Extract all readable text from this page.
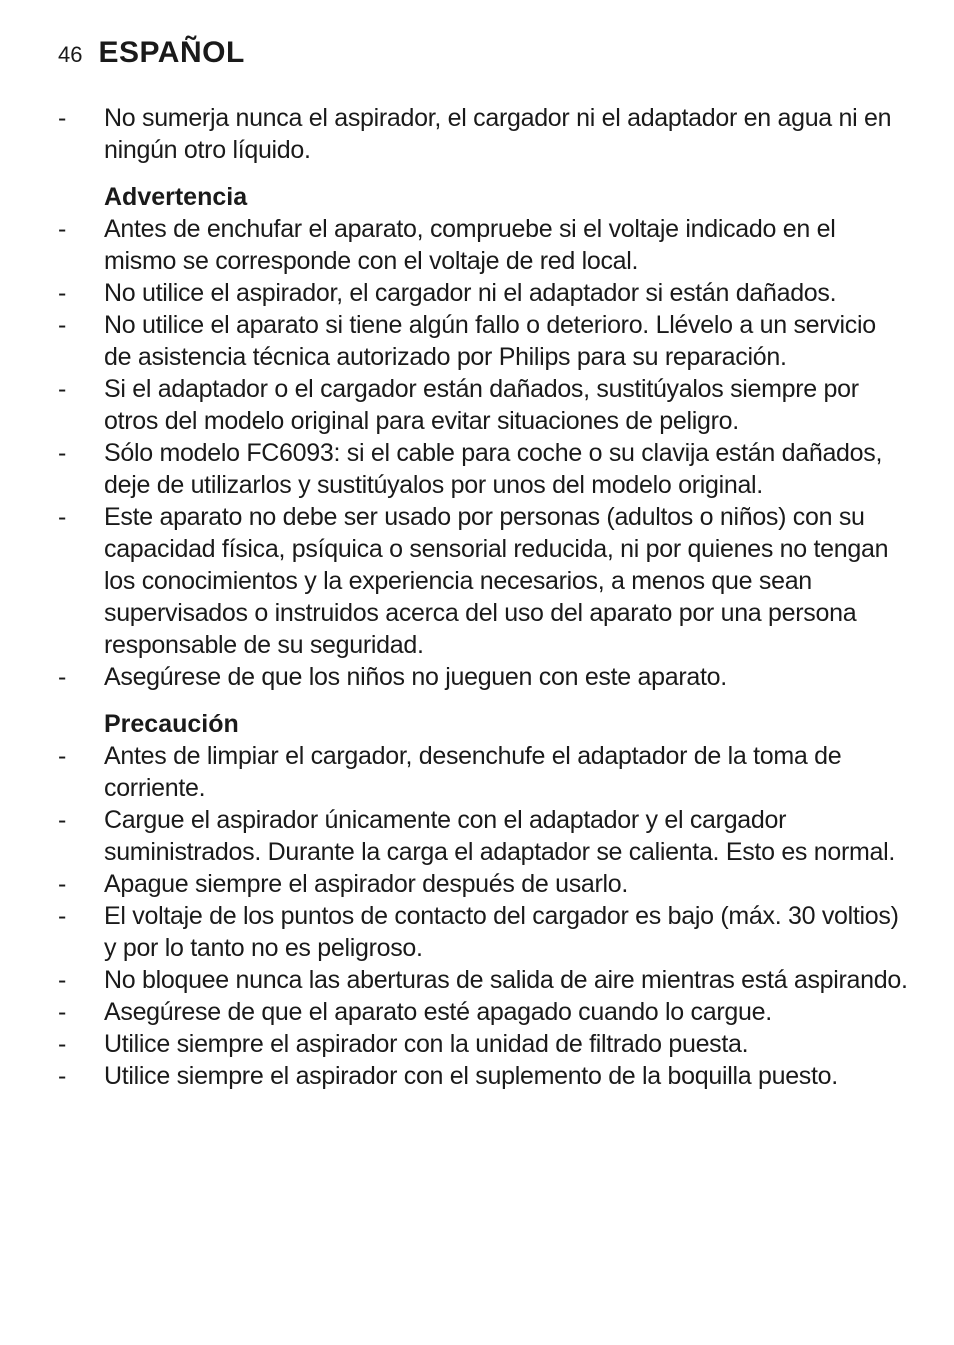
46 ESPAÑOL
-	No sumerja nunca el aspirador, el cargador ni el adaptador en agua ni en ningún otro líquido.
Advertencia
-	Antes de enchufar el aparato, compruebe si el voltaje indicado en el mismo se corresponde con el voltaje de red local.
-	No utilice el aspirador, el cargador ni el adaptador si están dañados.
-	No utilice el aparato si tiene algún fallo o deterioro. Llévelo a un servicio de asistencia técnica autorizado por Philips para su reparación.
-	Si el adaptador o el cargador están dañados, sustitúyalos siempre por otros del modelo original para evitar situaciones de peligro.
-	Sólo modelo FC6093: si el cable para coche o su clavija están dañados, deje de utilizarlos y sustitúyalos por unos del modelo original.
-	Este aparato no debe ser usado por personas (adultos o niños) con su capacidad física, psíquica o sensorial reducida, ni por quienes no tengan los conocimientos y la experiencia necesarios, a menos que sean supervisados o instruidos acerca del uso del aparato por una persona responsable de su seguridad.
-	Asegúrese de que los niños no jueguen con este aparato.
Precaución
-	Antes de limpiar el cargador, desenchufe el adaptador de la toma de corriente.
-	Cargue el aspirador únicamente con el adaptador y el cargador suministrados. Durante la carga el adaptador se calienta. Esto es normal.
-	Apague siempre el aspirador después de usarlo.
-	El voltaje de los puntos de contacto del cargador es bajo (máx. 30 voltios) y por lo tanto no es peligroso.
-	No bloquee nunca las aberturas de salida de aire mientras está aspirando.
-	Asegúrese de que el aparato esté apagado cuando lo cargue.
-	Utilice siempre el aspirador con la unidad de filtrado puesta.
-	Utilice siempre el aspirador con el suplemento de la boquilla puesto.
